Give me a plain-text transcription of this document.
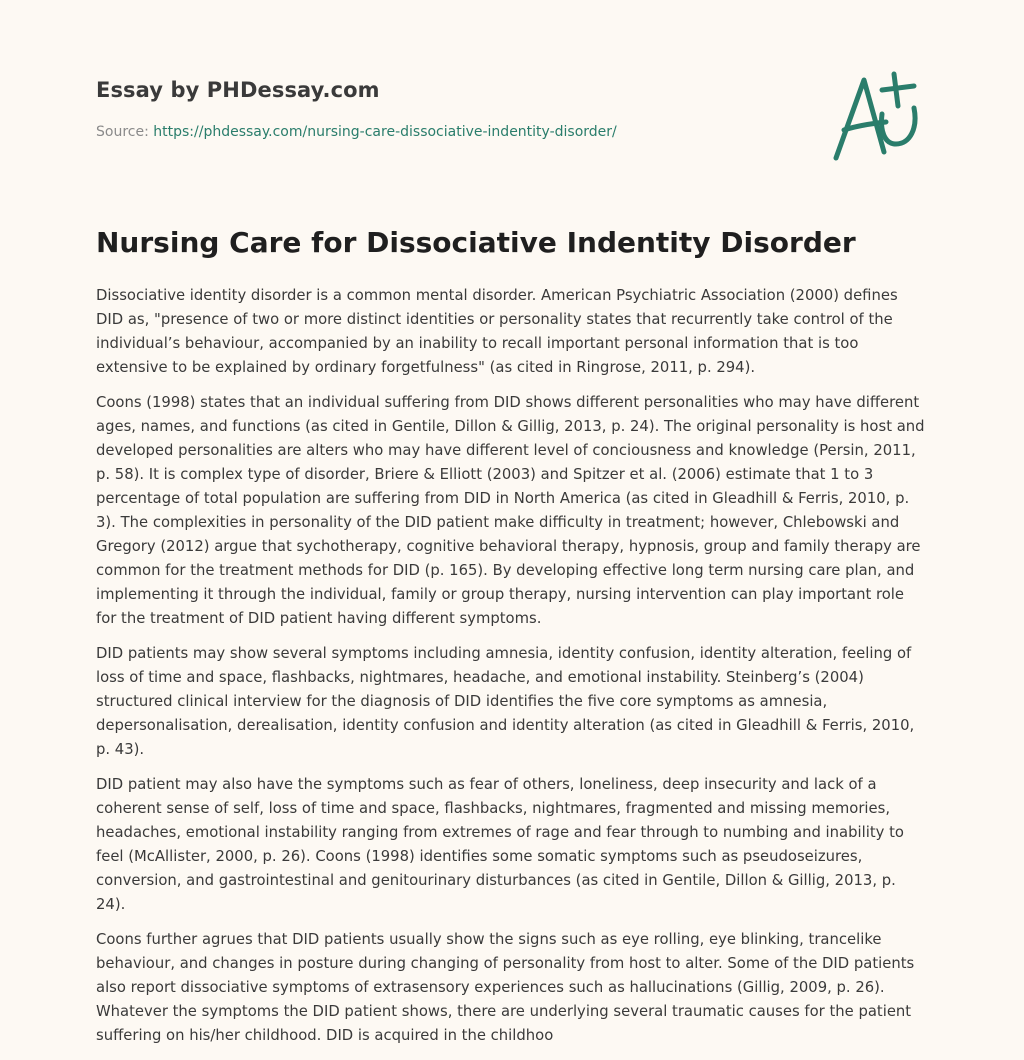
Essay by PHDessay.com
Source: https://phdessay.com/nursing-care-dissociative-indentity-disorder/
Nursing Care for Dissociative Indentity Disorder

Dissociative identity disorder is a common mental disorder. American Psychiatric Association (2000) defines DID as, "presence of two or more distinct identities or personality states that recurrently take control of the individual’s behaviour, accompanied by an inability to recall important personal information that is too extensive to be explained by ordinary forgetfulness" (as cited in Ringrose, 2011, p. 294).

Coons (1998) states that an individual suffering from DID shows different personalities who may have different ages, names, and functions (as cited in Gentile, Dillon & Gillig, 2013, p. 24). The original personality is host and developed personalities are alters who may have different level of conciousness and knowledge (Persin, 2011, p. 58). It is complex type of disorder, Briere & Elliott (2003) and Spitzer et al. (2006) estimate that 1 to 3 percentage of total population are suffering from DID in North America (as cited in Gleadhill & Ferris, 2010, p. 3). The complexities in personality of the DID patient make difficulty in treatment; however, Chlebowski and Gregory (2012) argue that sychotherapy, cognitive behavioral therapy, hypnosis, group and family therapy are common for the treatment methods for DID (p. 165). By developing effective long term nursing care plan, and implementing it through the individual, family or group therapy, nursing intervention can play important role for the treatment of DID patient having different symptoms.

DID patients may show several symptoms including amnesia, identity confusion, identity alteration, feeling of loss of time and space, flashbacks, nightmares, headache, and emotional instability. Steinberg’s (2004) structured clinical interview for the diagnosis of DID identifies the five core symptoms as amnesia, depersonalisation, derealisation, identity confusion and identity alteration (as cited in Gleadhill & Ferris, 2010, p. 43).

DID patient may also have the symptoms such as fear of others, loneliness, deep insecurity and lack of a coherent sense of self, loss of time and space, flashbacks, nightmares, fragmented and missing memories, headaches, emotional instability ranging from extremes of rage and fear through to numbing and inability to feel (McAllister, 2000, p. 26). Coons (1998) identifies some somatic symptoms such as pseudoseizures, conversion, and gastrointestinal and genitourinary disturbances (as cited in Gentile, Dillon & Gillig, 2013, p. 24).

Coons further agrues that DID patients usually show the signs such as eye rolling, eye blinking, trancelike behaviour, and changes in posture during changing of personality from host to alter. Some of the DID patients also report dissociative symptoms of extrasensory experiences such as hallucinations (Gillig, 2009, p. 26). Whatever the symptoms the DID patient shows, there are underlying several traumatic causes for the patient suffering on his/her childhood. DID is acquired in the childhoo
